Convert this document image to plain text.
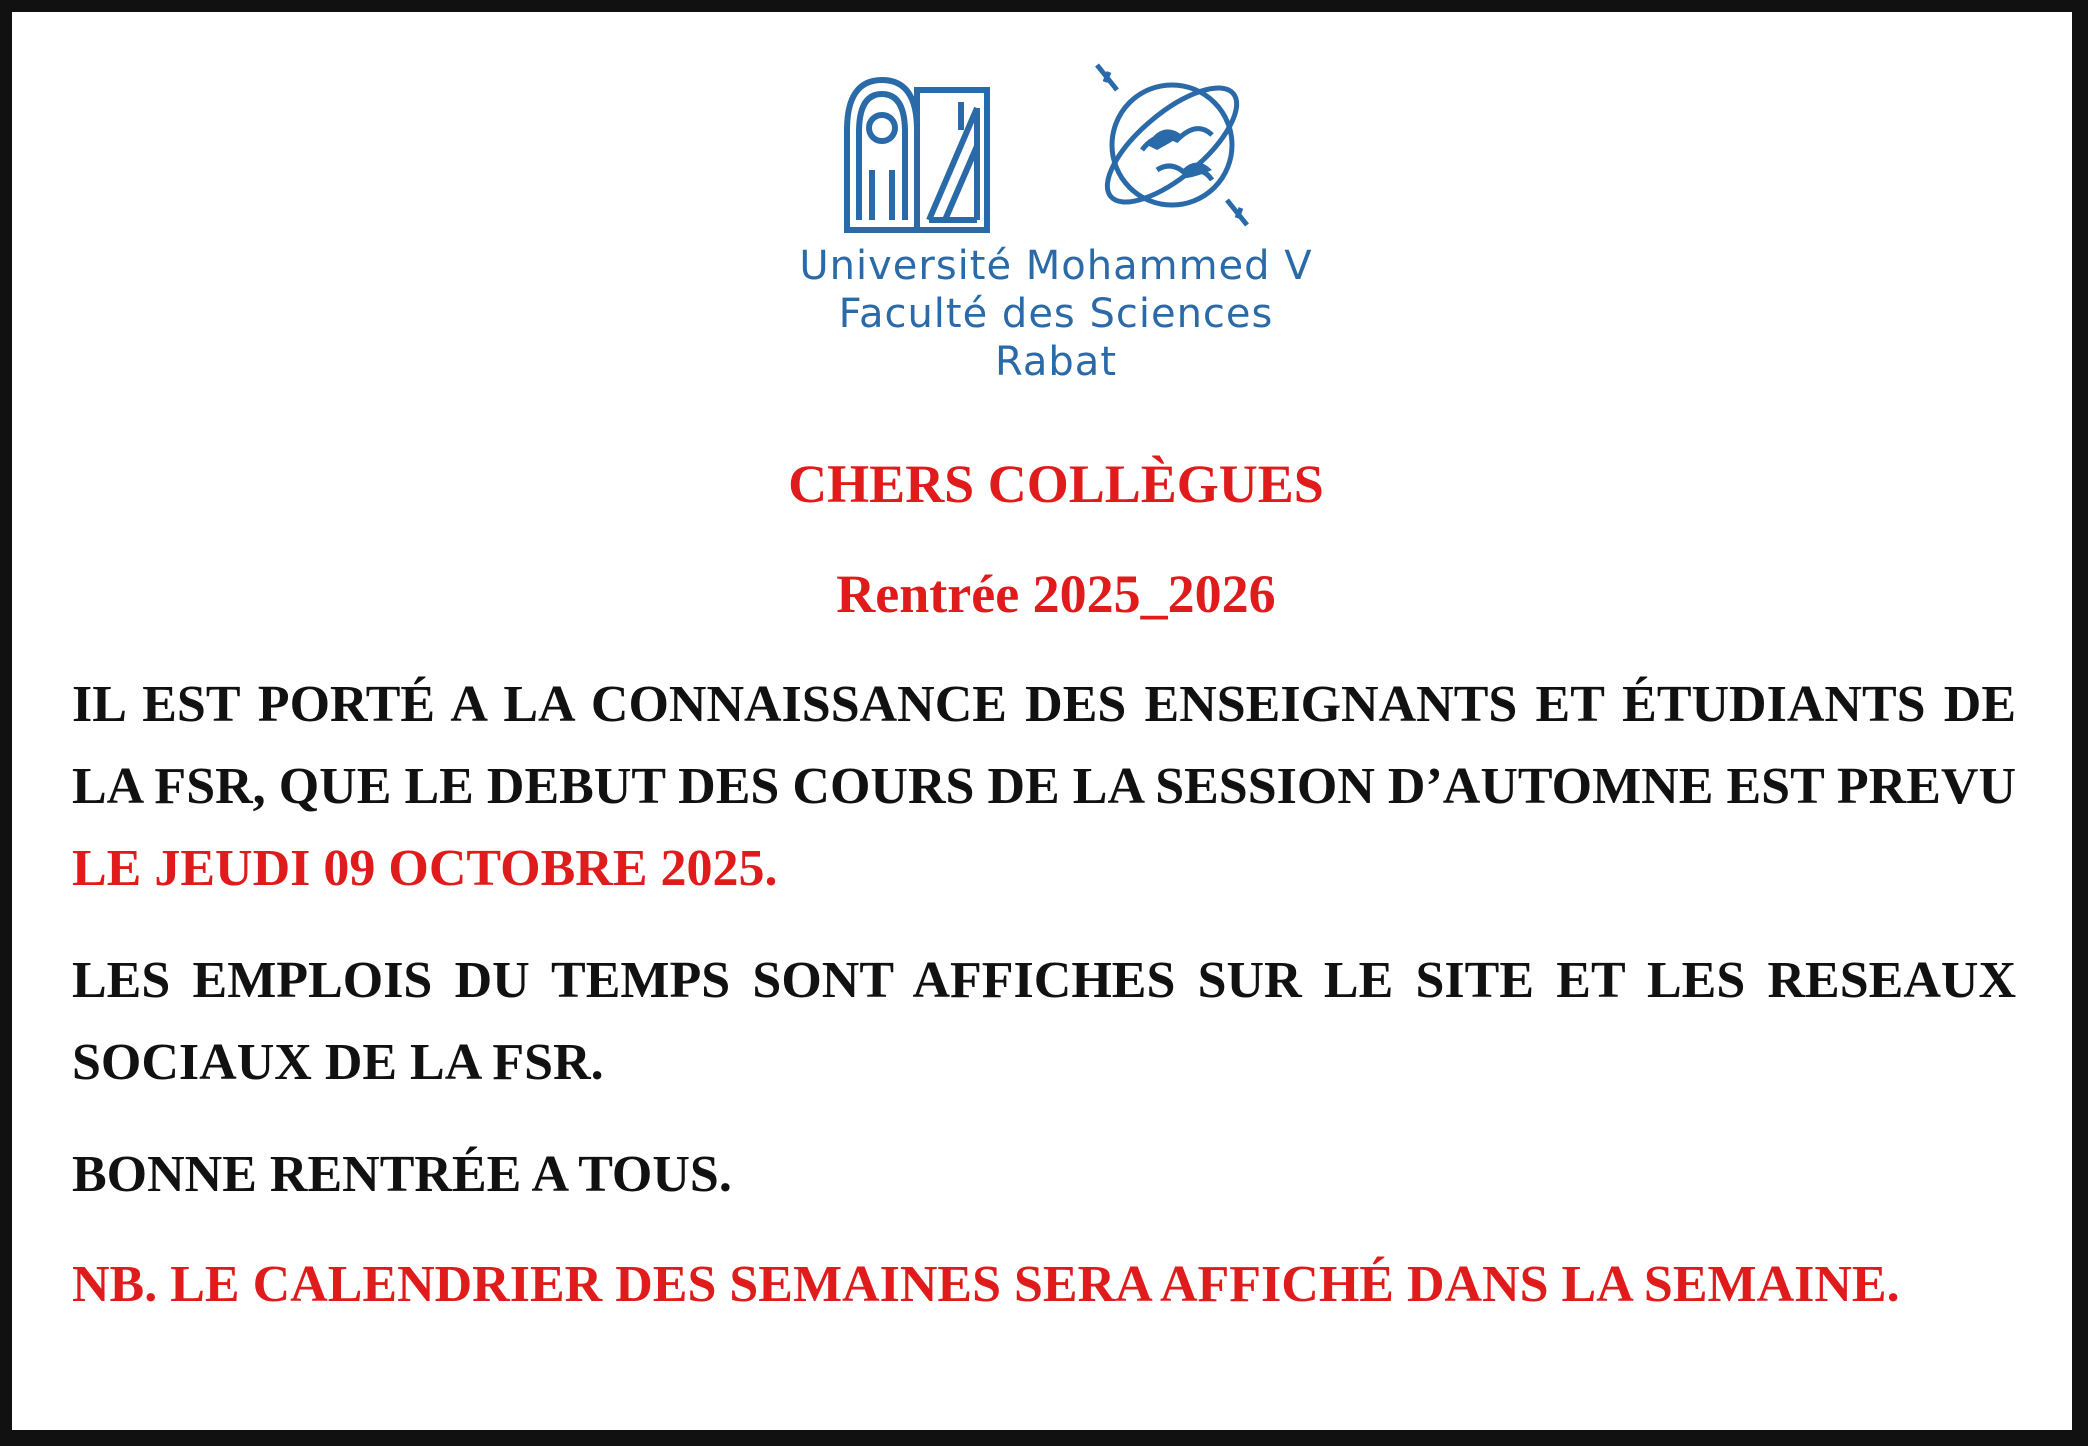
Université Mohammed V
Faculté des Sciences
Rabat

CHERS COLLÈGUES

Rentrée 2025_2026

IL EST PORTÉ A LA CONNAISSANCE DES ENSEIGNANTS ET ÉTUDIANTS DE LA FSR, QUE LE DEBUT DES COURS DE LA SESSION D’AUTOMNE EST PREVU LE JEUDI 09 OCTOBRE 2025.

LES EMPLOIS DU TEMPS SONT AFFICHES SUR LE SITE ET LES RESEAUX SOCIAUX DE LA FSR.

BONNE RENTRÉE A TOUS.

NB. LE CALENDRIER DES SEMAINES SERA AFFICHÉ DANS LA SEMAINE.
